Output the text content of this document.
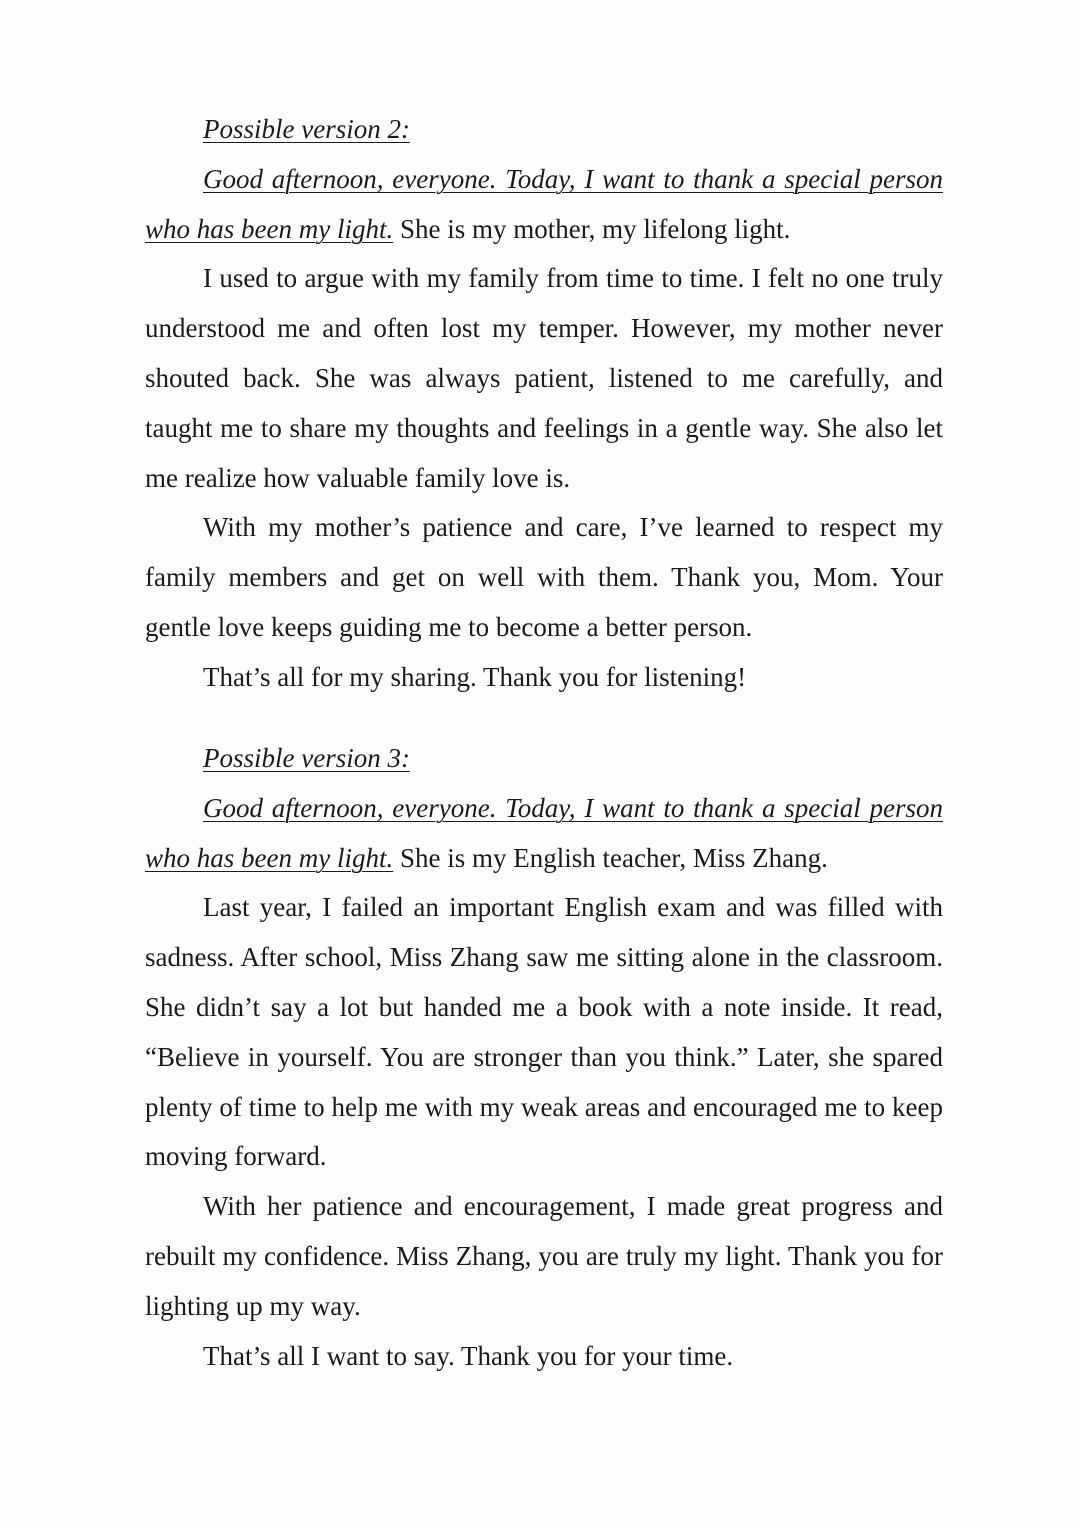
Possible version 2:

Good afternoon, everyone. Today, I want to thank a special person who has been my light. She is my mother, my lifelong light.

I used to argue with my family from time to time. I felt no one truly understood me and often lost my temper. However, my mother never shouted back. She was always patient, listened to me carefully, and taught me to share my thoughts and feelings in a gentle way. She also let me realize how valuable family love is.

With my mother’s patience and care, I’ve learned to respect my family members and get on well with them. Thank you, Mom. Your gentle love keeps guiding me to become a better person.

That’s all for my sharing. Thank you for listening!

Possible version 3:

Good afternoon, everyone. Today, I want to thank a special person who has been my light. She is my English teacher, Miss Zhang.

Last year, I failed an important English exam and was filled with sadness. After school, Miss Zhang saw me sitting alone in the classroom. She didn’t say a lot but handed me a book with a note inside. It read, “Believe in yourself. You are stronger than you think.” Later, she spared plenty of time to help me with my weak areas and encouraged me to keep moving forward.

With her patience and encouragement, I made great progress and rebuilt my confidence. Miss Zhang, you are truly my light. Thank you for lighting up my way.

That’s all I want to say. Thank you for your time.
